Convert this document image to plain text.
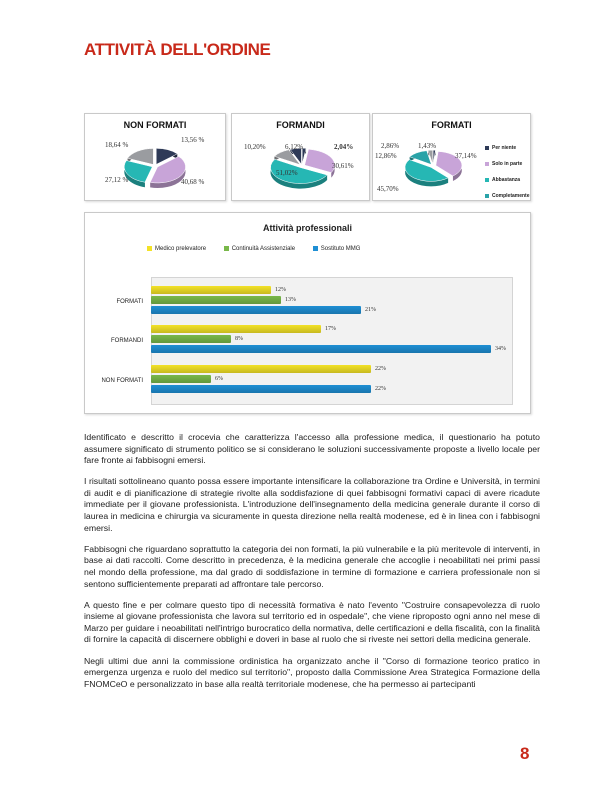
ATTIVITÀ DELL'ORDINE
NON FORMATI
13,56 %
40,68 %
27,12 %
18,64 %
FORMANDI
2,04%
30,61%
51,02%
10,20%	6,12%
FORMATI
1,43%
37,14%
45,70%
12,86%
2,86%	Per niente
Solo in parte
Abbastanza
Completamente
Attività professionali
Medico prelevatore	Continuità Assistenziale	Sostituto MMG
FORMATI
FORMANDI
NON FORMATI
12%
13%
21%
17%
8%
34%
22%
6%
22%

Identificato e descritto il crocevia che caratterizza l'accesso alla professione medica, il questionario ha potuto assumere significato di strumento politico se si considerano le soluzioni successivamente proposte a livello locale per fare fronte ai fabbisogni emersi.

I risultati sottolineano quanto possa essere importante intensificare la collaborazione tra Ordine e Università, in termini di audit e di pianificazione di strategie rivolte alla soddisfazione di quei fabbisogni formativi capaci di avere ricadute immediate per il giovane professionista. L'introduzione dell'insegnamento della medicina generale durante il corso di laurea in medicina e chirurgia va sicuramente in questa direzione nella realtà modenese, ed è in linea con i fabbisogni emersi.

Fabbisogni che riguardano soprattutto la categoria dei non formati, la più vulnerabile e la più meritevole di interventi, in base ai dati raccolti. Come descritto in precedenza, è la medicina generale che accoglie i neoabilitati nei primi passi nel mondo della professione, ma dal grado di soddisfazione in termine di formazione e carriera professionale non si sentono sufficientemente preparati ad affrontare tale percorso.

A questo fine e per colmare questo tipo di necessità formativa è nato l'evento "Costruire consapevolezza di ruolo insieme al giovane professionista che lavora sul territorio ed in ospedale", che viene riproposto ogni anno nel mese di Marzo per guidare i neoabilitati nell'intrigo burocratico della normativa, delle certificazioni e della fiscalità, con la finalità di fornire la capacità di discernere obblighi e doveri in base al ruolo che si riveste nei settori della medicina generale.

Negli ultimi due anni la commissione ordinistica ha organizzato anche il "Corso di formazione teorico pratico in emergenza urgenza e ruolo del medico sul territorio", proposto dalla Commissione Area Strategica Formazione della FNOMCeO e personalizzato in base alla realtà territoriale modenese, che ha permesso ai partecipanti

8
